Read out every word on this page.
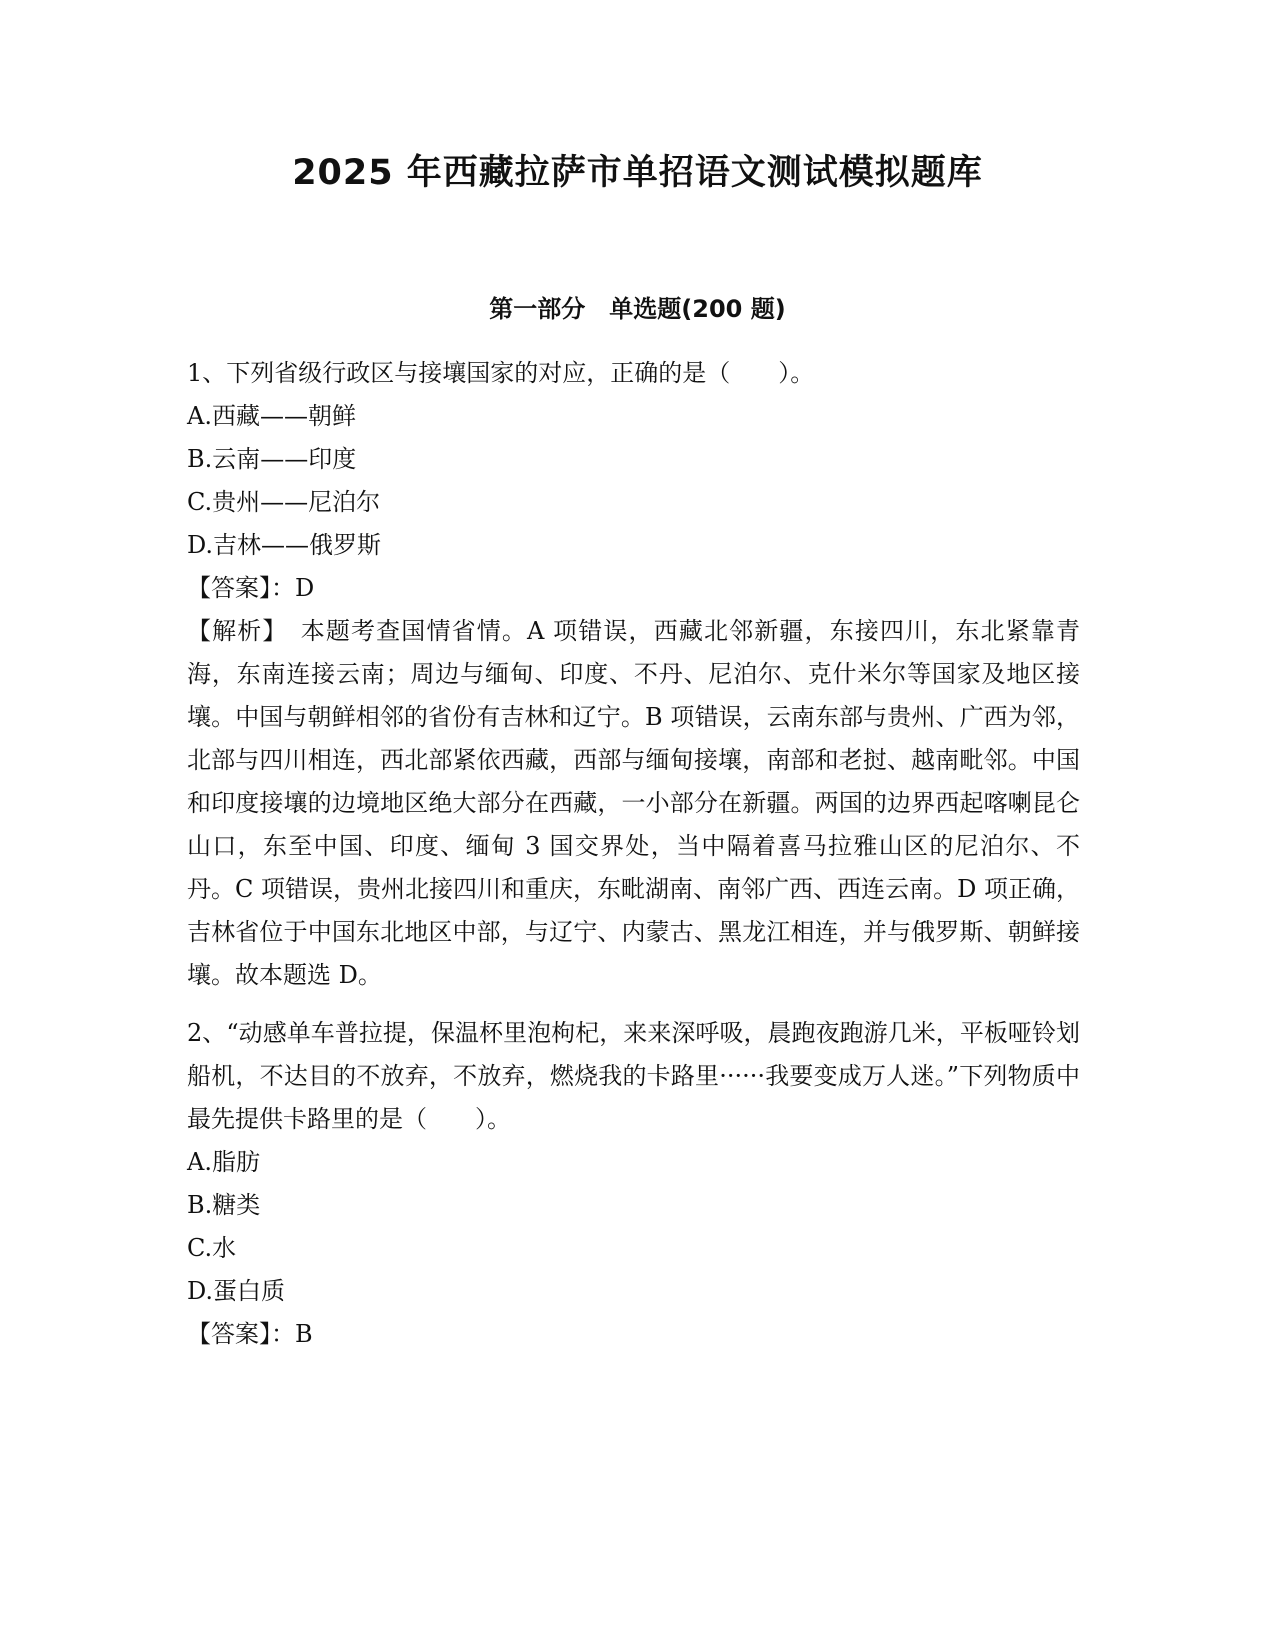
2025 年西藏拉萨市单招语文测试模拟题库
第一部分　单选题(200 题)
1、下列省级行政区与接壤国家的对应，正确的是（　　）。
A.西藏——朝鲜
B.云南——印度
C.贵州——尼泊尔
D.吉林——俄罗斯
【答案】：D
【解析】　本题考查国情省情。A 项错误，西藏北邻新疆，东接四川，东北紧靠青海，东南连接云南；周边与缅甸、印度、不丹、尼泊尔、克什米尔等国家及地区接壤。中国与朝鲜相邻的省份有吉林和辽宁。B 项错误，云南东部与贵州、广西为邻，北部与四川相连，西北部紧依西藏，西部与缅甸接壤，南部和老挝、越南毗邻。中国和印度接壤的边境地区绝大部分在西藏，一小部分在新疆。两国的边界西起喀喇昆仑山口，东至中国、印度、缅甸 3 国交界处，当中隔着喜马拉雅山区的尼泊尔、不丹。C 项错误，贵州北接四川和重庆，东毗湖南、南邻广西、西连云南。D 项正确，吉林省位于中国东北地区中部，与辽宁、内蒙古、黑龙江相连，并与俄罗斯、朝鲜接壤。故本题选 D。
2、“动感单车普拉提，保温杯里泡枸杞，来来深呼吸，晨跑夜跑游几米，平板哑铃划船机，不达目的不放弃，不放弃，燃烧我的卡路里······我要变成万人迷。”下列物质中最先提供卡路里的是（　　）。
A.脂肪
B.糖类
C.水
D.蛋白质
【答案】：B
